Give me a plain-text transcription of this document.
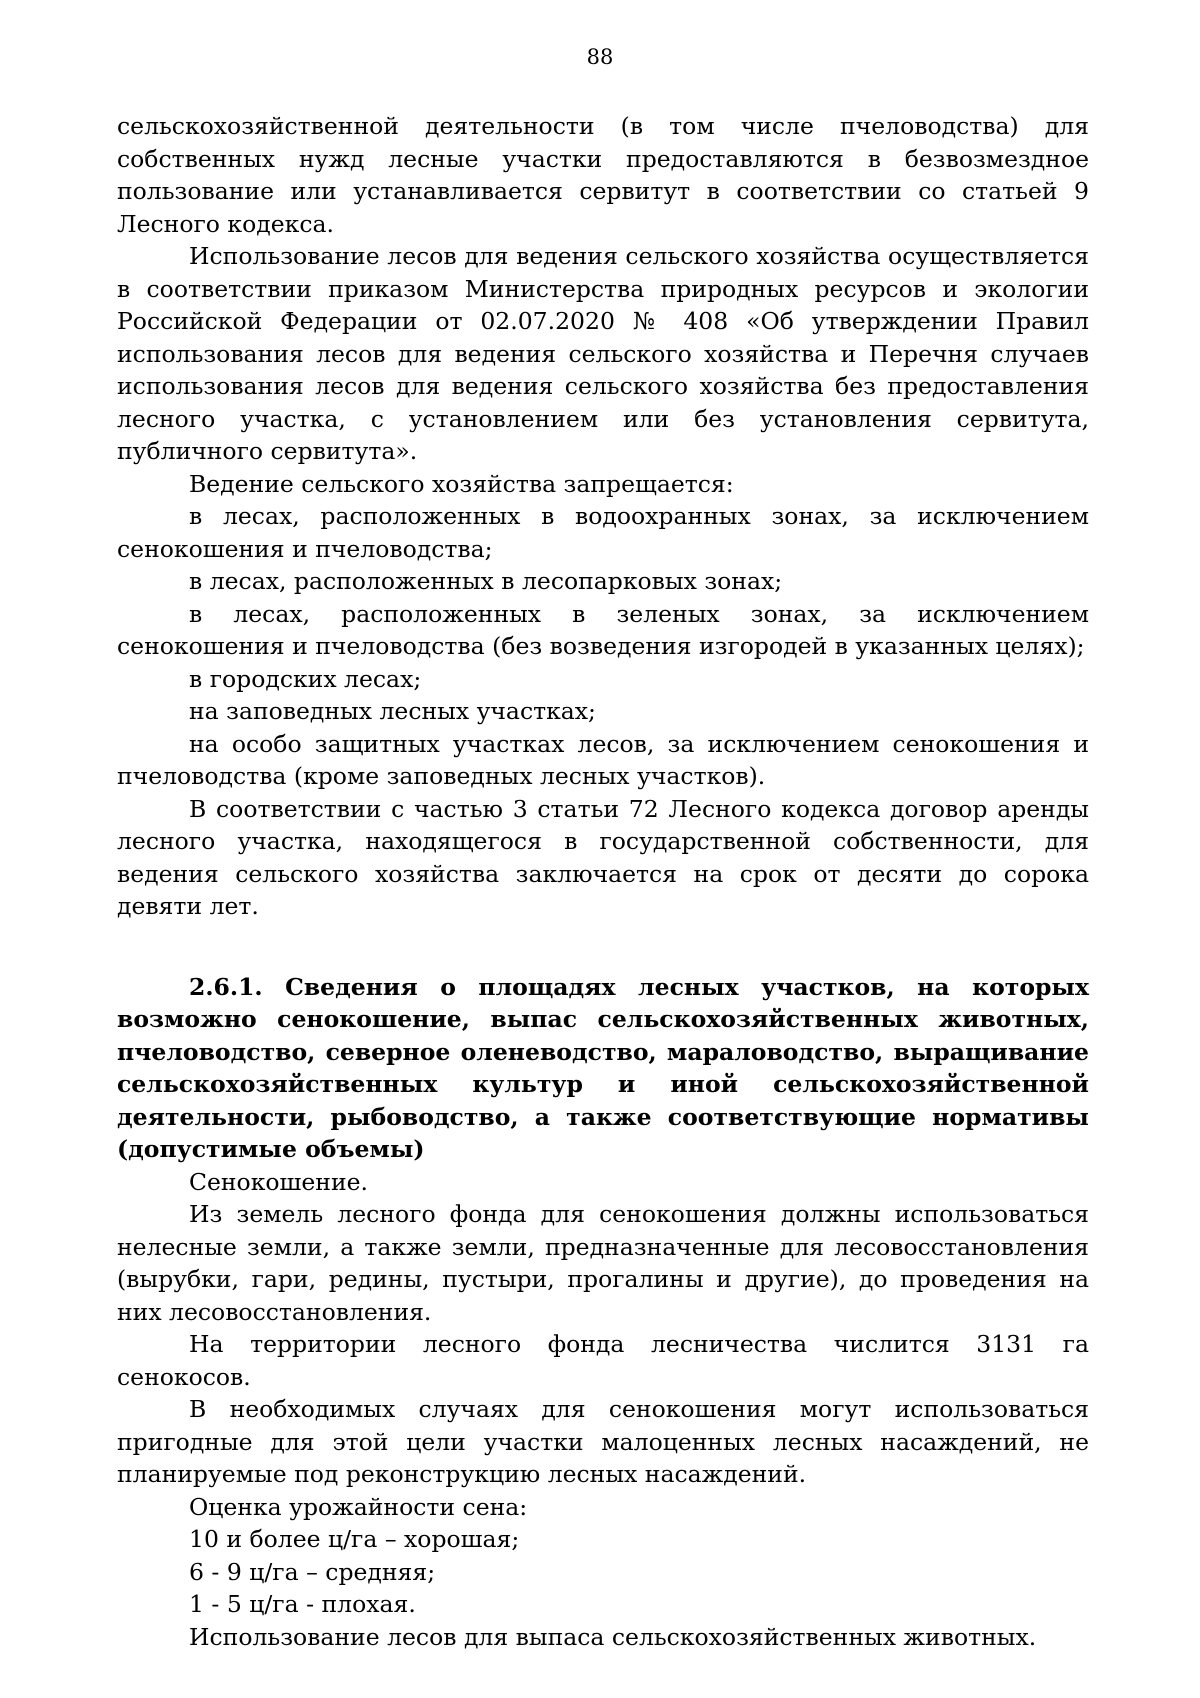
88

сельскохозяйственной деятельности (в том числе пчеловодства) для собственных нужд лесные участки предоставляются в безвозмездное пользование или устанавливается сервитут в соответствии со статьей 9 Лесного кодекса.

Использование лесов для ведения сельского хозяйства осуществляется в соответствии приказом Министерства природных ресурсов и экологии Российской Федерации от 02.07.2020 № 408 «Об утверждении Правил использования лесов для ведения сельского хозяйства и Перечня случаев использования лесов для ведения сельского хозяйства без предоставления лесного участка, с установлением или без установления сервитута, публичного сервитута».

Ведение сельского хозяйства запрещается:

в лесах, расположенных в водоохранных зонах, за исключением сенокошения и пчеловодства;

в лесах, расположенных в лесопарковых зонах;

в лесах, расположенных в зеленых зонах, за исключением сенокошения и пчеловодства (без возведения изгородей в указанных целях);

в городских лесах;

на заповедных лесных участках;

на особо защитных участках лесов, за исключением сенокошения и пчеловодства (кроме заповедных лесных участков).

В соответствии с частью 3 статьи 72 Лесного кодекса договор аренды лесного участка, находящегося в государственной собственности, для ведения сельского хозяйства заключается на срок от десяти до сорока девяти лет.

2.6.1. Сведения о площадях лесных участков, на которых возможно сенокошение, выпас сельскохозяйственных животных, пчеловодство, северное оленеводство, мараловодство, выращивание сельскохозяйственных культур и иной сельскохозяйственной деятельности, рыбоводство, а также соответствующие нормативы (допустимые объемы)

Сенокошение.

Из земель лесного фонда для сенокошения должны использоваться нелесные земли, а также земли, предназначенные для лесовосстановления (вырубки, гари, редины, пустыри, прогалины и другие), до проведения на них лесовосстановления.

На территории лесного фонда лесничества числится 3131 га сенокосов.

В необходимых случаях для сенокошения могут использоваться пригодные для этой цели участки малоценных лесных насаждений, не планируемые под реконструкцию лесных насаждений.

Оценка урожайности сена:

10 и более ц/га – хорошая;

6 - 9 ц/га – средняя;

1 - 5 ц/га - плохая.

Использование лесов для выпаса сельскохозяйственных животных.
